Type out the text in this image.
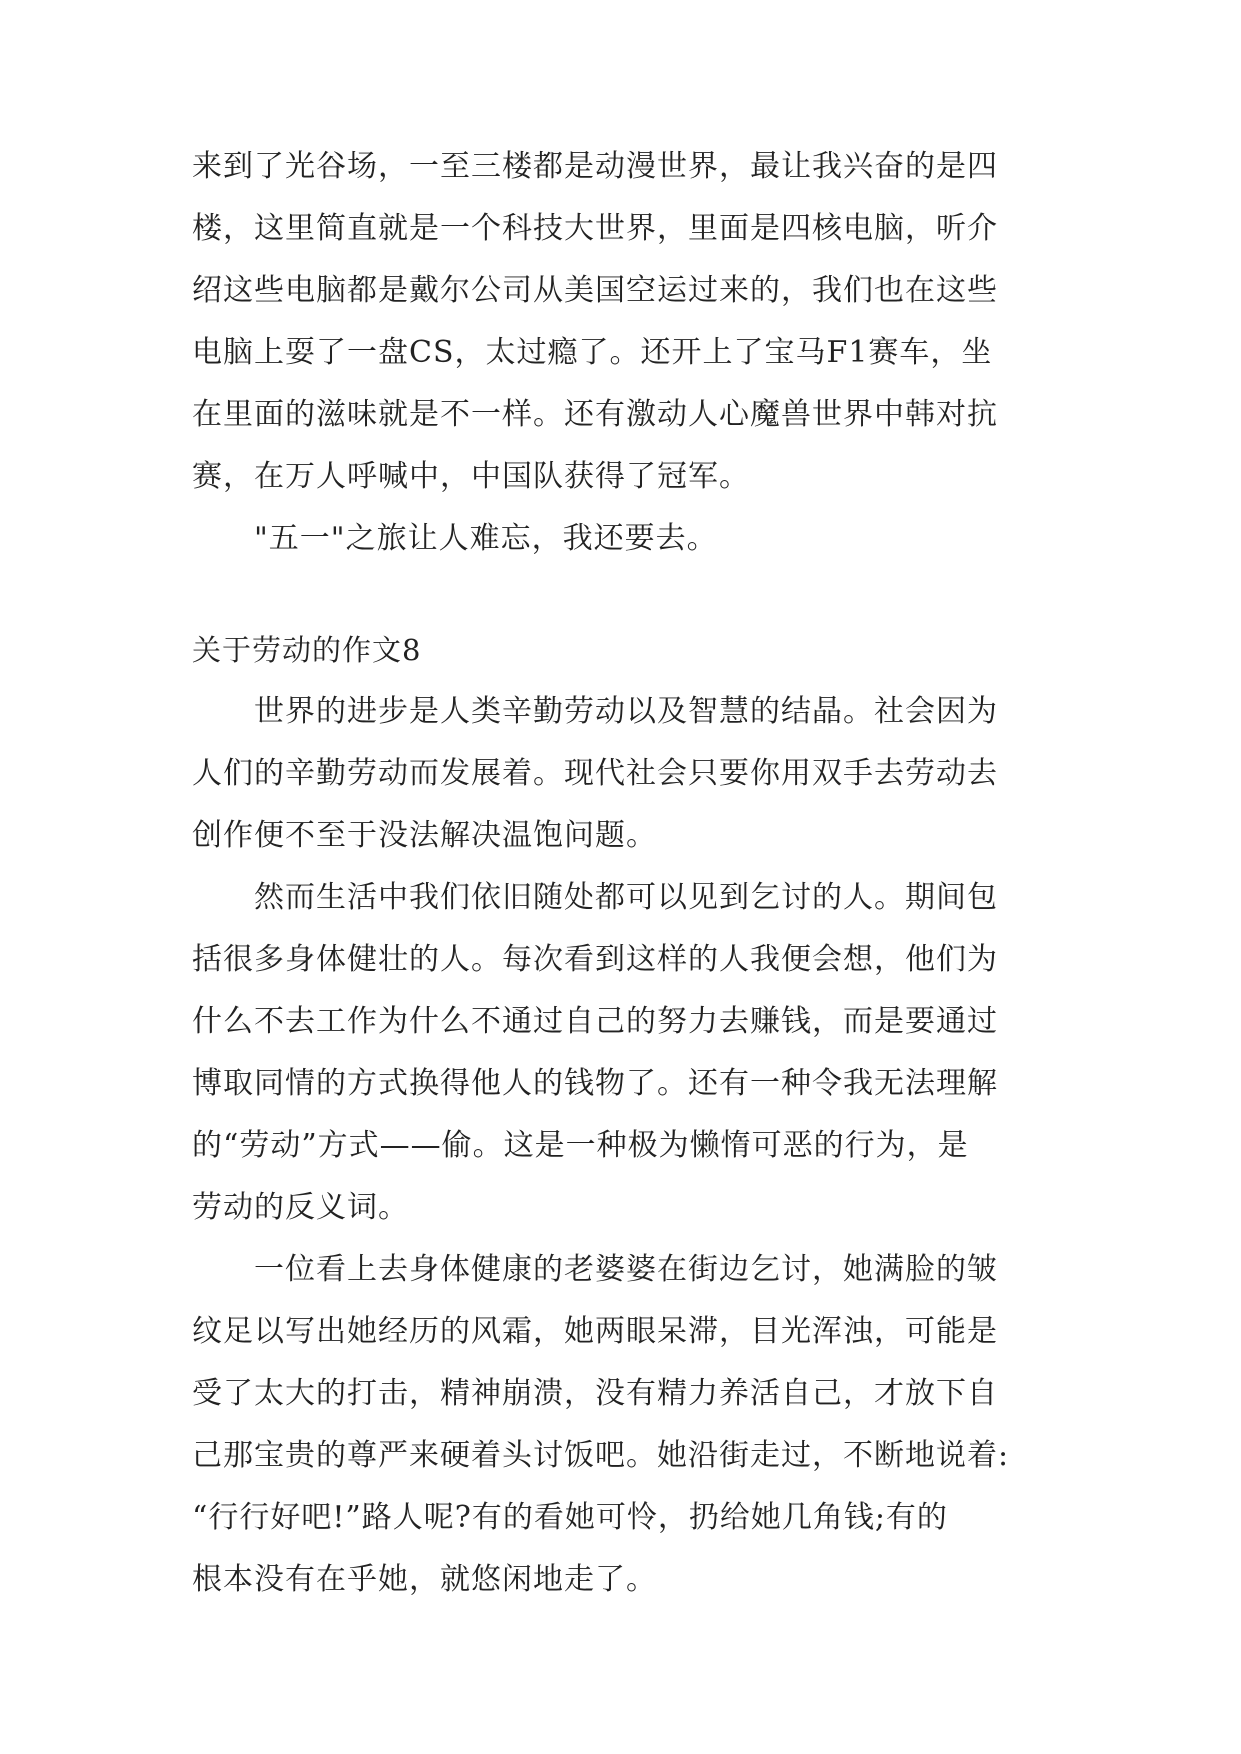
来到了光谷场，一至三楼都是动漫世界，最让我兴奋的是四
楼，这里简直就是一个科技大世界，里面是四核电脑，听介
绍这些电脑都是戴尔公司从美国空运过来的，我们也在这些
电脑上耍了一盘CS，太过瘾了。还开上了宝马F1赛车，坐
在里面的滋味就是不一样。还有激动人心魔兽世界中韩对抗
赛，在万人呼喊中，中国队获得了冠军。
"五一"之旅让人难忘，我还要去。
关于劳动的作文8
世界的进步是人类辛勤劳动以及智慧的结晶。社会因为
人们的辛勤劳动而发展着。现代社会只要你用双手去劳动去
创作便不至于没法解决温饱问题。
然而生活中我们依旧随处都可以见到乞讨的人。期间包
括很多身体健壮的人。每次看到这样的人我便会想，他们为
什么不去工作为什么不通过自己的努力去赚钱，而是要通过
博取同情的方式换得他人的钱物了。还有一种令我无法理解
的“劳动”方式——偷。这是一种极为懒惰可恶的行为，是
劳动的反义词。
一位看上去身体健康的老婆婆在街边乞讨，她满脸的皱
纹足以写出她经历的风霜，她两眼呆滞，目光浑浊，可能是
受了太大的打击，精神崩溃，没有精力养活自己，才放下自
己那宝贵的尊严来硬着头讨饭吧。她沿街走过，不断地说着:
“行行好吧!”路人呢?有的看她可怜，扔给她几角钱;有的
根本没有在乎她，就悠闲地走了。
